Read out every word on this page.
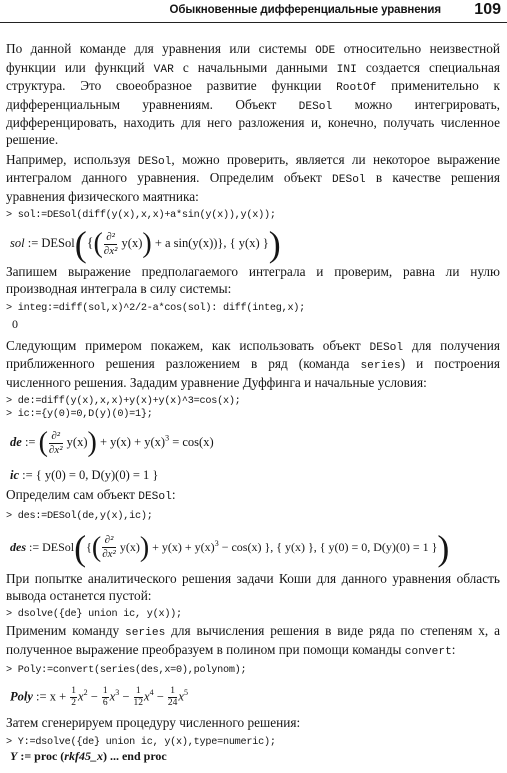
Обыкновенные дифференциальные уравнения 109

По данной команде для уравнения или системы ODE относительно неизвестной функции или функций VAR с начальными данными INI создается специальная структура. Это своеобразное развитие функции RootOf применительно к дифференциальным уравнениям. Объект DESol можно интегрировать, дифференцировать, находить для него разложения и, конечно, получать численное решение.

Например, используя DESol, можно проверить, является ли некоторое выражение интегралом данного уравнения. Определим объект DESol в качестве решения уравнения физического маятника:

> sol:=DESol(diff(y(x),x,x)+a*sin(y(x)),y(x));
sol := DESol({( $\frac{\text{∂²}}{\text{∂x²}} y(x)) + a$ sin(y(x))}, { y(x) })

Запишем выражение предполагаемого интеграла и проверим, равна ли нулю производная интеграла в силу системы:

> integ:=diff(sol,x)^2/2-a*cos(sol): diff(integ,x);
0

Следующим примером покажем, как использовать объект DESol для получения приближенного решения разложением в ряд (команда series) и построения численного решения. Зададим уравнение Дуффинга и начальные условия:

> de:=diff(y(x),x,x)+y(x)+y(x)^3=cos(x);
> ic:={y(0)=0,D(y)(0)=1};
de := ( $\frac{\text{∂²}}{\text{∂x²}} y(x)) + y(x) + y(x)^3 = \cos(x)$
ic := { y(0) = 0, D(y)(0) = 1 }

Определим сам объект DESol:

> des:=DESol(de,y(x),ic);
des := DESol({( $\frac{\text{∂²}}{\text{∂x²}} y(x)) + y(x) + y(x)^3 - \cos(x)$ }, { y(x) }, { y(0) = 0, D(y)(0) = 1 })

При попытке аналитического решения задачи Коши для данного уравнения область вывода останется пустой:

> dsolve({de} union ic, y(x));

Применим команду series для вычисления решения в виде ряда по степеням x, а полученное выражение преобразуем в полином при помощи команды convert:

> Poly:=convert(series(des,x=0),polynom);
Poly := $x + \frac{1}{2} x^2 - \frac{1}{6} x^3 - \frac{1}{12} x^4 - \frac{1}{24} x^5$

Затем сгенерируем процедуру численного решения:

> Y:=dsolve({de} union ic, y(x),type=numeric);
Y := proc (rkf45_x) ... end proc
